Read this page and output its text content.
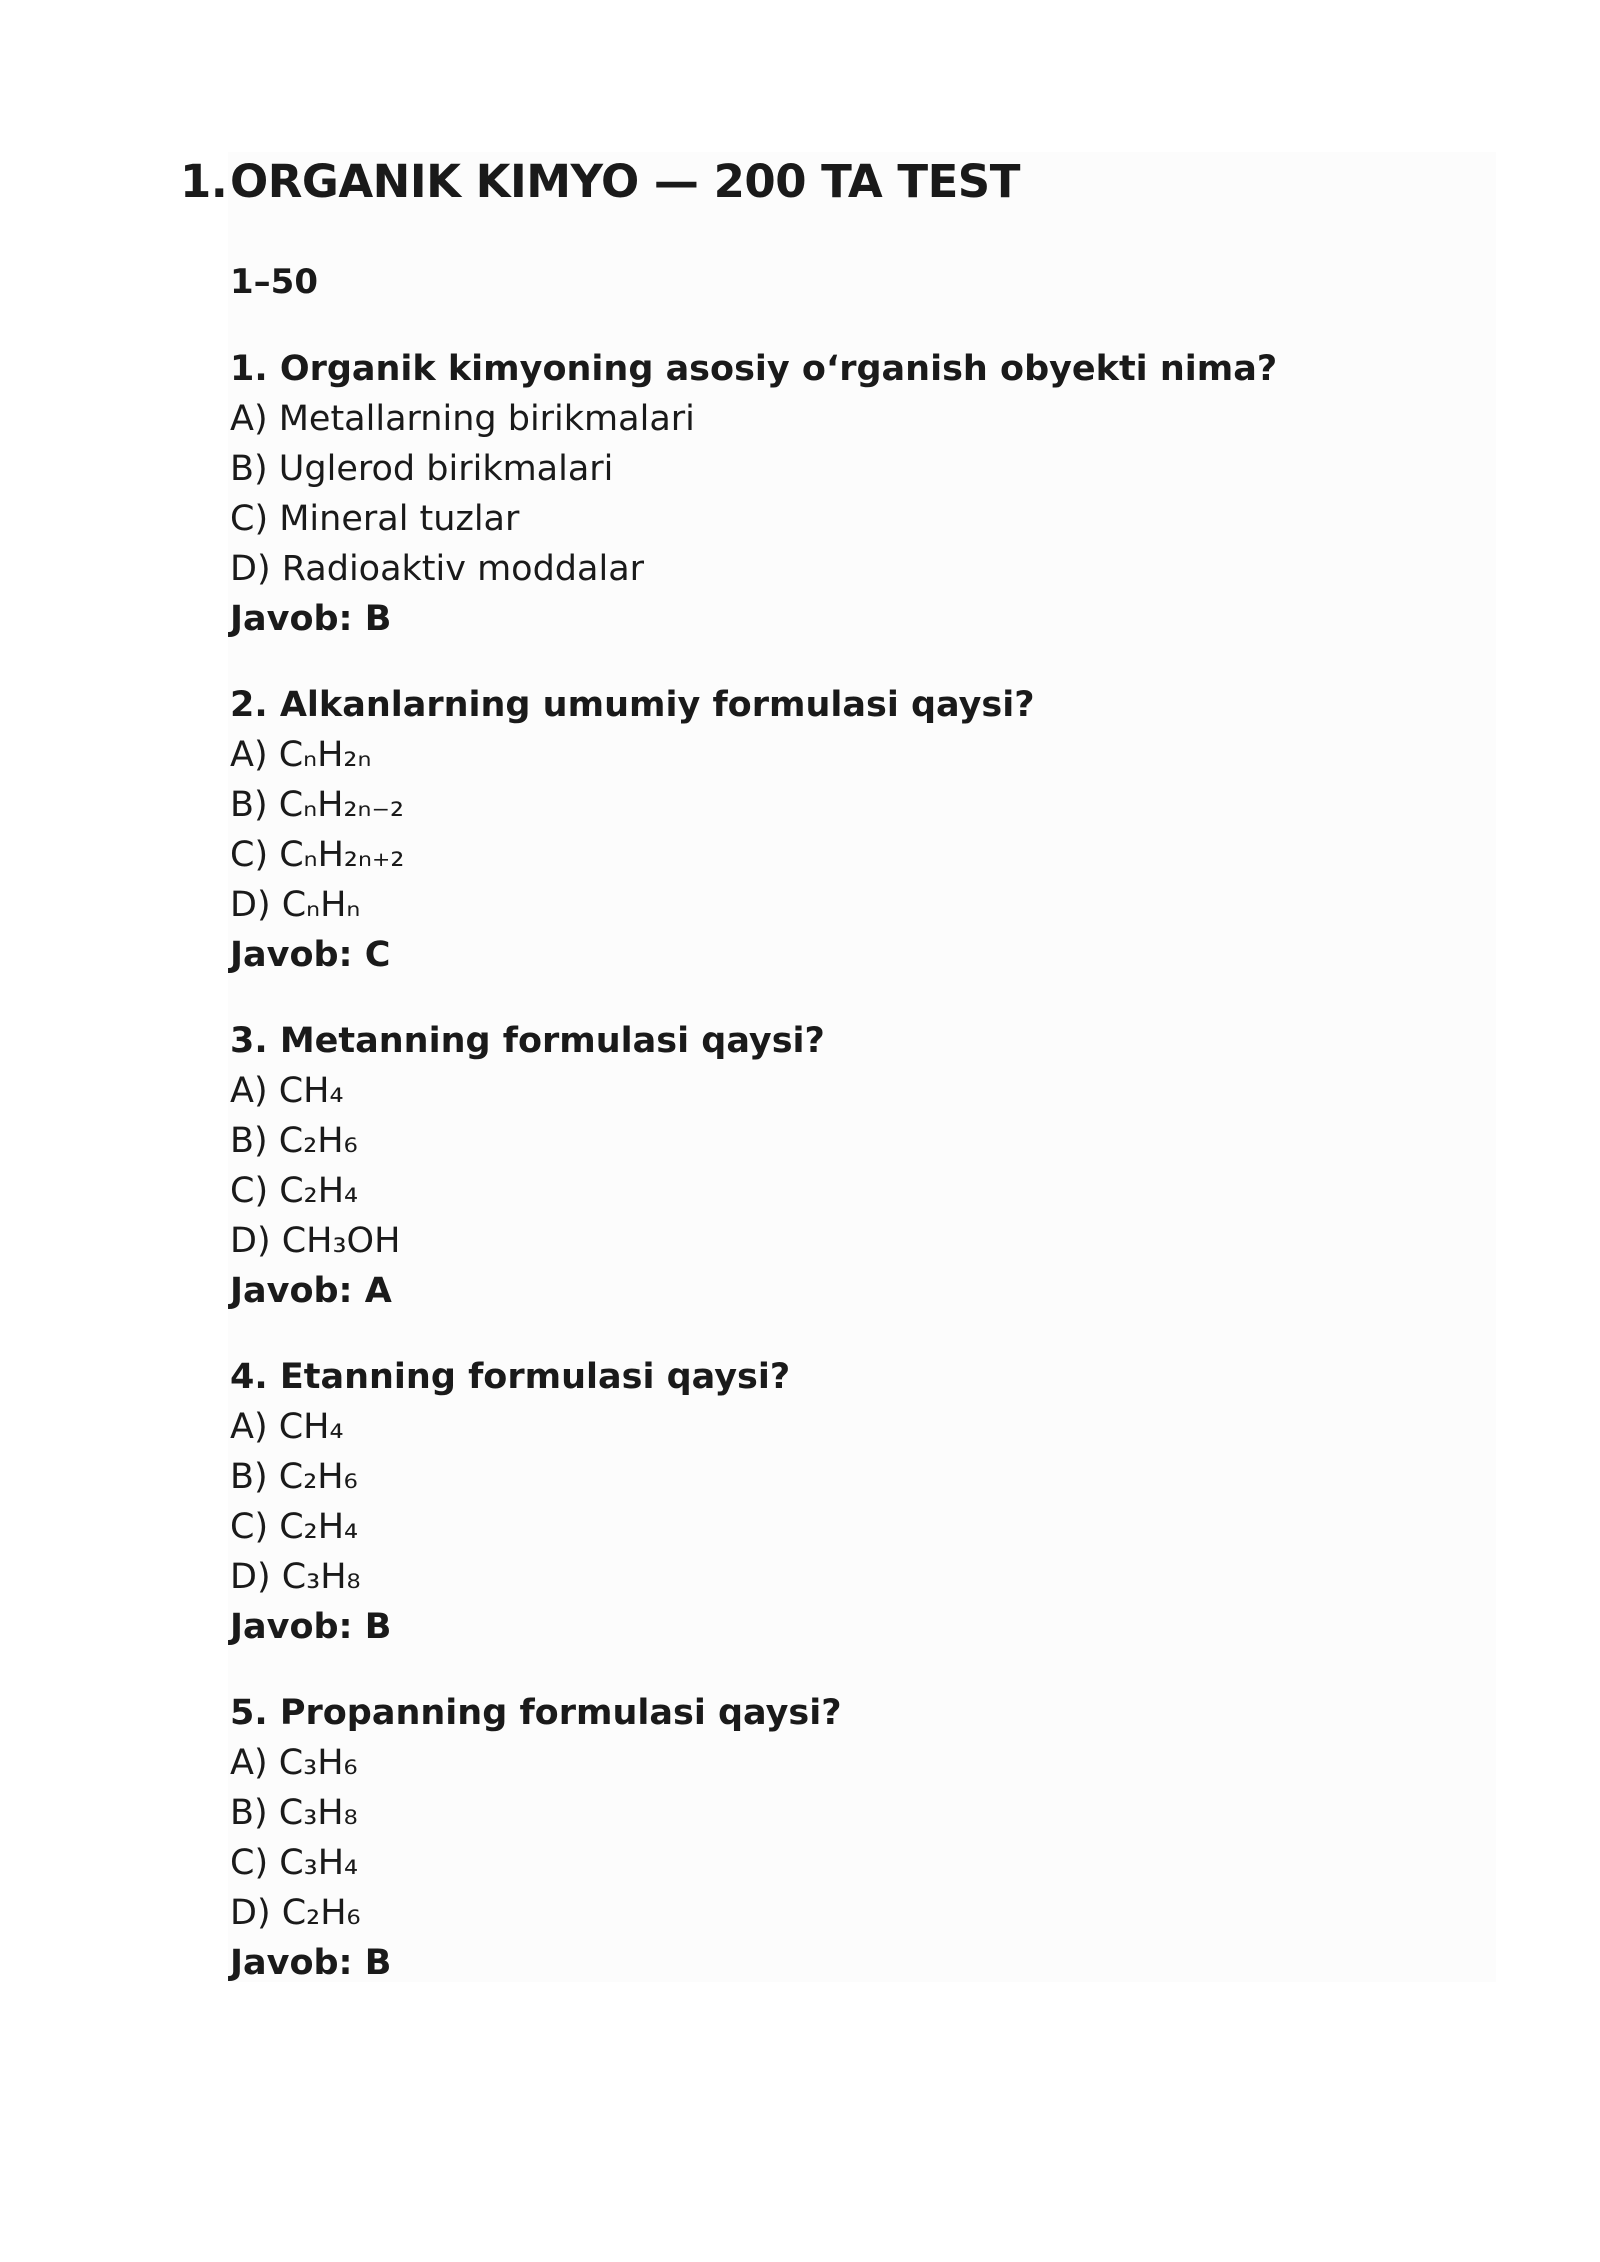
1.ORGANIK KIMYO — 200 TA TEST
1–50
1. Organik kimyoning asosiy o‘rganish obyekti nima?
A) Metallarning birikmalari
B) Uglerod birikmalari
C) Mineral tuzlar
D) Radioaktiv moddalar
Javob: B
2. Alkanlarning umumiy formulasi qaysi?
A) CₙH₂ₙ
B) CₙH₂ₙ₋₂
C) CₙH₂ₙ₊₂
D) CₙHₙ
Javob: C
3. Metanning formulasi qaysi?
A) CH₄
B) C₂H₆
C) C₂H₄
D) CH₃OH
Javob: A
4. Etanning formulasi qaysi?
A) CH₄
B) C₂H₆
C) C₂H₄
D) C₃H₈
Javob: B
5. Propanning formulasi qaysi?
A) C₃H₆
B) C₃H₈
C) C₃H₄
D) C₂H₆
Javob: B
